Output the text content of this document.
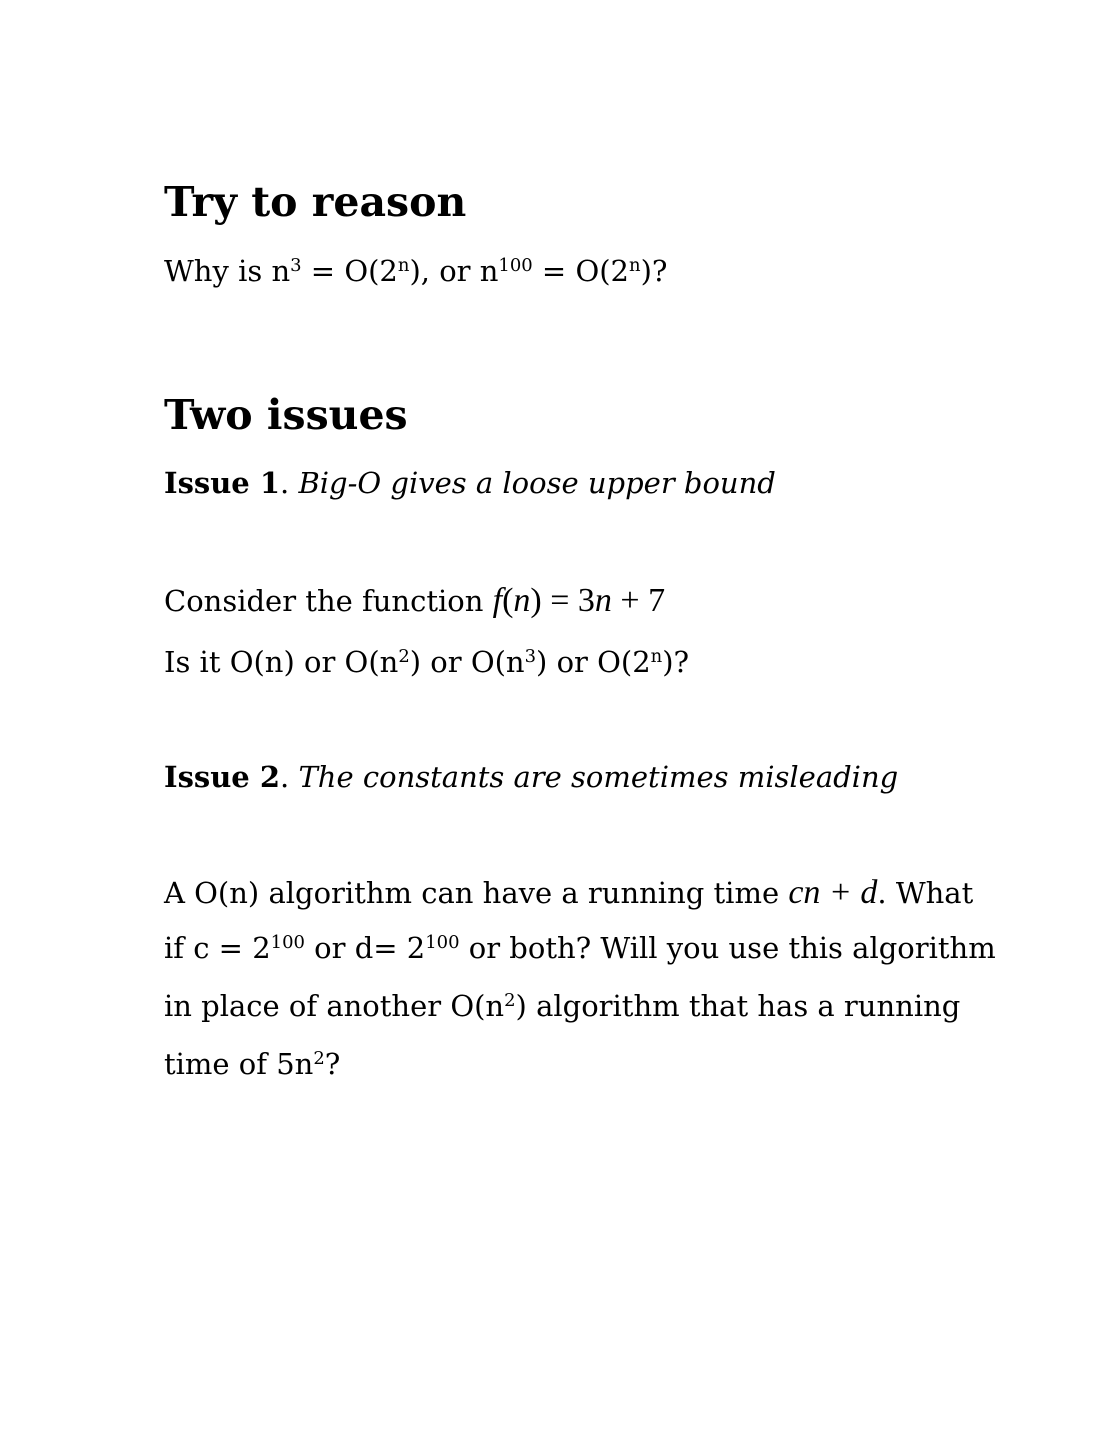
Try to reason

Why is $n^3 = O(2^n)$, or $n^{100} = O(2^n)$?

Two issues

Issue 1. Big-O gives a loose upper bound

Consider the function f(n) = 3n + 7

Is it O(n) or $O(n^2)$ or $O(n^3)$ or O(2$^n$)?

Issue 2. The constants are sometimes misleading

A O(n) algorithm can have a running time cn + d. What

if $c = 2^{100}$ or $d= 2^{100}$ or both? Will you use this algorithm

in place of another $O(n^2)$ algorithm that has a running

time of $5n^2$?
